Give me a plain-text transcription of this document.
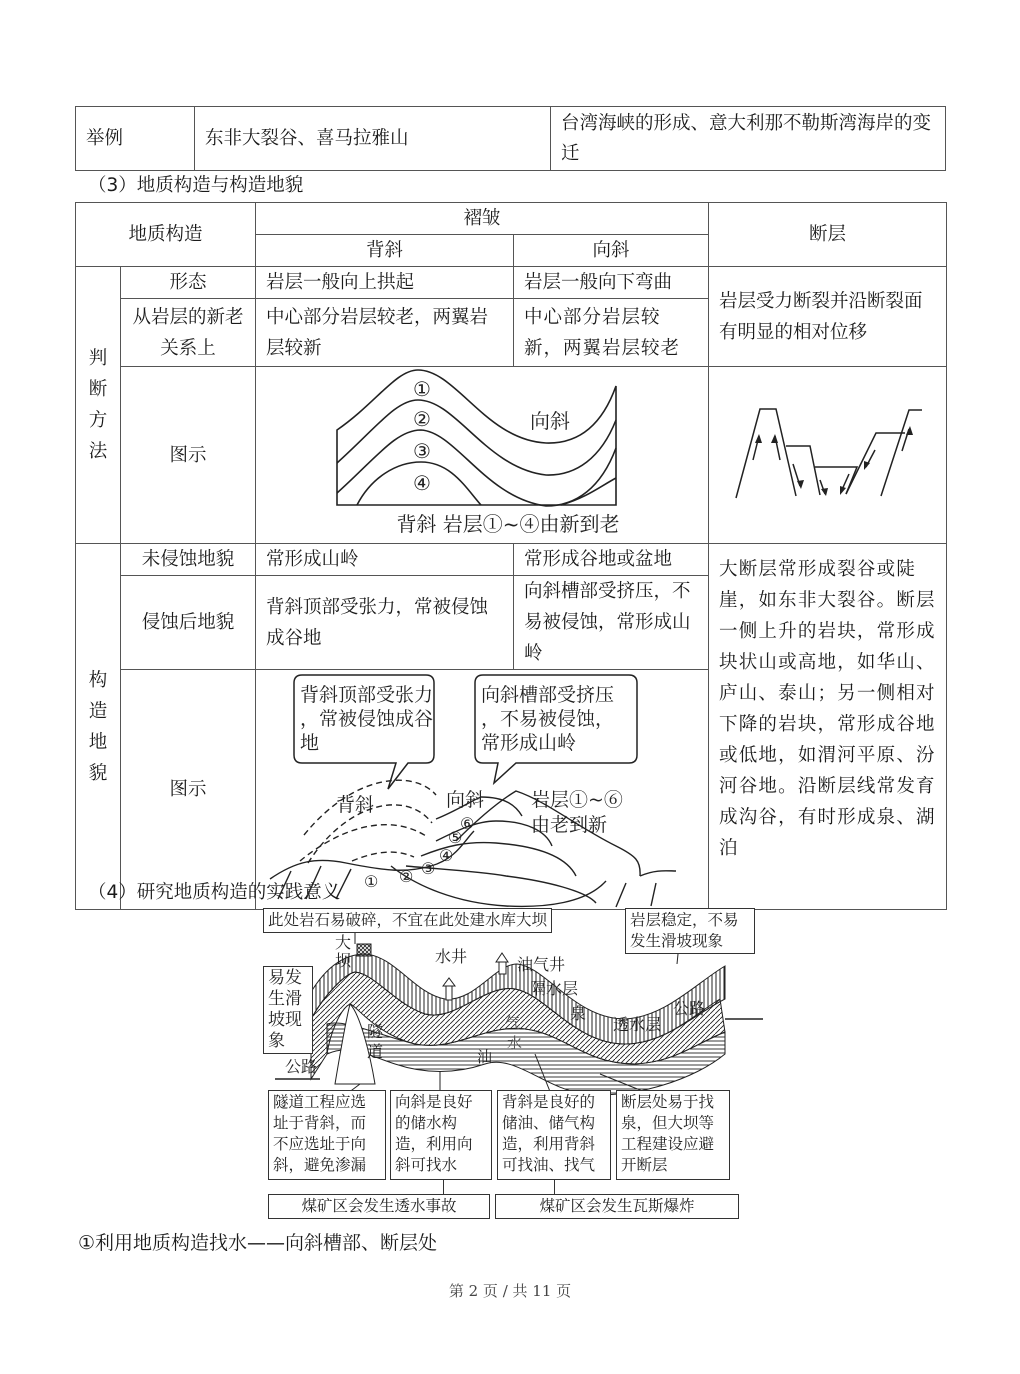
举例	东非大裂谷、喜马拉雅山	台湾海峡的形成、意大利那不勒斯湾海岸的变迁
（3）地质构造与构造地貌
地质构造		褶皱		断层
		背斜	向斜	

判
断
方
法	形态	岩层一般向上拱起	岩层一般向下弯曲	岩层受力断裂并沿断裂面有明显的相对位移
	从岩层的新老关系上	中心部分岩层较老，两翼岩层较新	中心部分岩层较新，两翼岩层较老	
图示	
①
②
③
④
向斜
背斜 岩层①~④由新到老

构
造
地
貌	未侵蚀地貌	常形成山岭	常形成谷地或盆地	大断层常形成裂谷或陡崖，如东非大裂谷。断层一侧上升的岩块，常形成块状山或高地，如华山、庐山、泰山；另一侧相对下降的岩块，常形成谷地或低地，如渭河平原、汾河谷地。沿断层线常发育成沟谷，有时形成泉、湖泊
	侵蚀后地貌	背斜顶部受张力，常被侵蚀成谷地	向斜槽部受挤压，不易被侵蚀，常形成山岭	
图示	
背斜顶部受张力，常被侵蚀成谷地
向斜槽部受挤压，不易被侵蚀，常形成山岭
背斜	向斜 岩层①~⑥
由老到新
① ② ③
④
⑤
⑥
（4）研究地质构造的实践意义
此处岩石易破碎，不宜在此处建水库大坝	岩层稳定，不易发生滑坡现象
易发生滑坡现象
大坝	水井	油气井
隔水层
泉
透水层
公路
公路
隧道
气
水
油
隧道工程应选址于背斜，而不应选址于向斜，避免渗漏
向斜是良好的储水构造，利用向斜可找水
背斜是良好的储油、储气构造，利用背斜可找油、找气
断层处易于找泉，但大坝等工程建设应避开断层
煤矿区会发生透水事故	煤矿区会发生瓦斯爆炸
①利用地质构造找水——向斜槽部、断层处
第 2 页 / 共 11 页
